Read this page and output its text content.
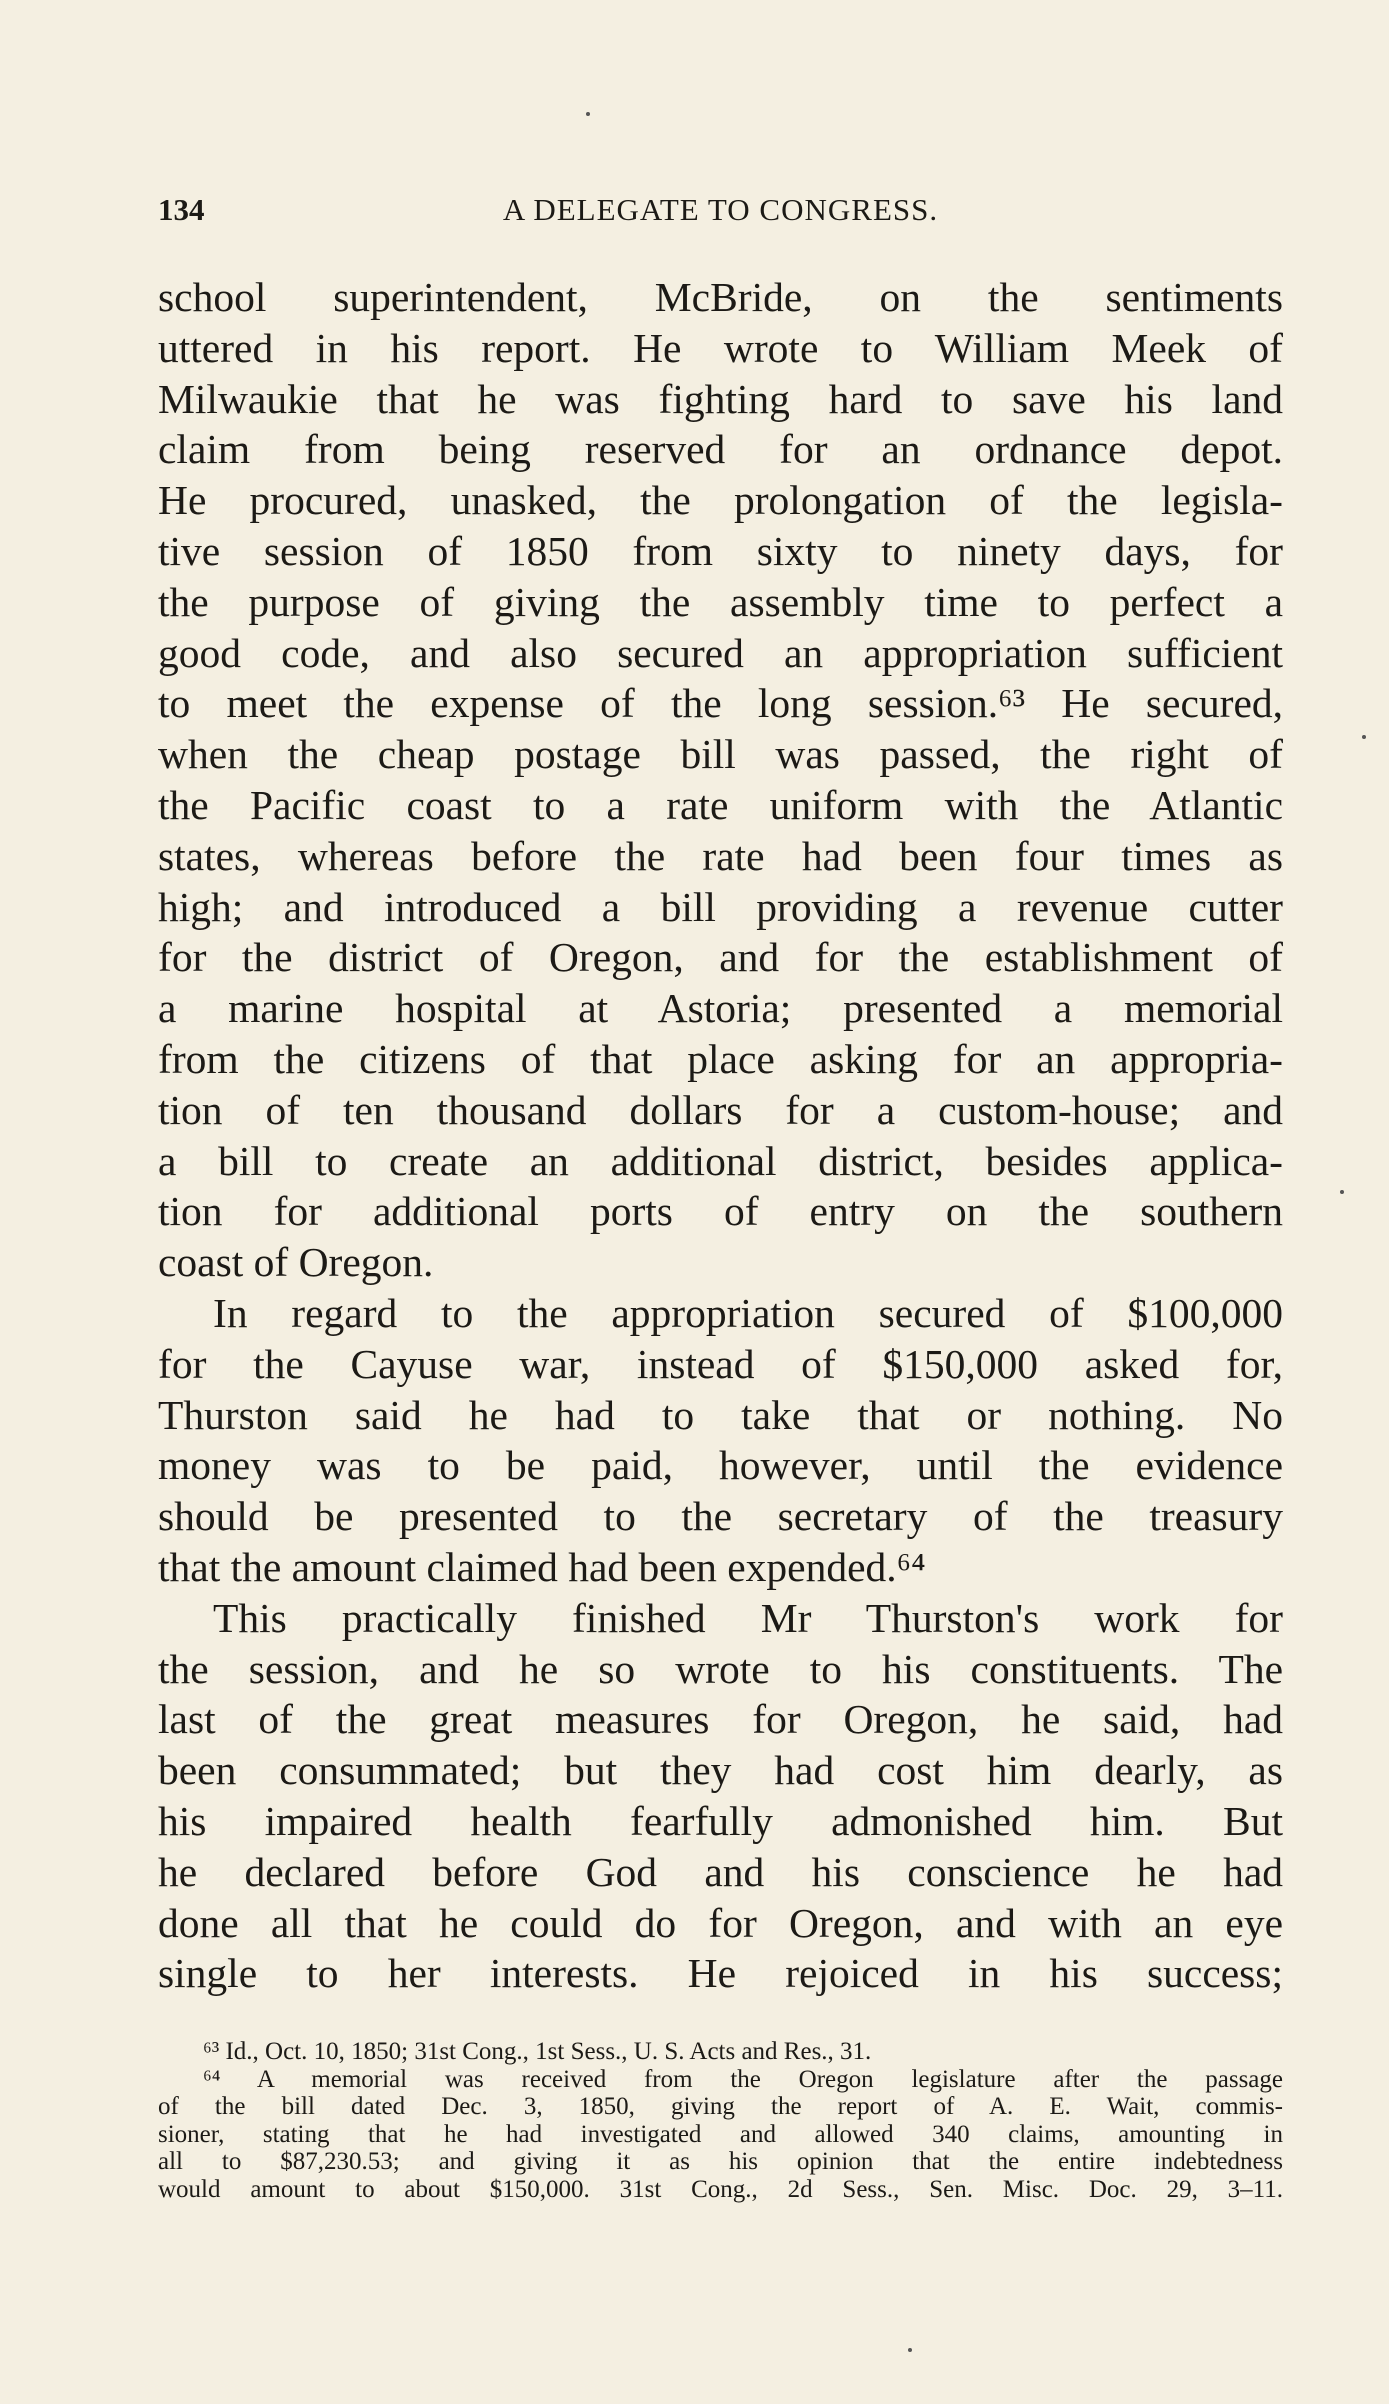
134	A DELEGATE TO CONGRESS.
school superintendent, McBride, on the sentiments
uttered in his report. He wrote to William Meek of
Milwaukie that he was fighting hard to save his land
claim from being reserved for an ordnance depot.
He procured, unasked, the prolongation of the legisla-
tive session of 1850 from sixty to ninety days, for
the purpose of giving the assembly time to perfect a
good code, and also secured an appropriation sufficient
to meet the expense of the long session.⁶³ He secured,
when the cheap postage bill was passed, the right of
the Pacific coast to a rate uniform with the Atlantic
states, whereas before the rate had been four times as
high; and introduced a bill providing a revenue cutter
for the district of Oregon, and for the establishment of
a marine hospital at Astoria; presented a memorial
from the citizens of that place asking for an appropria-
tion of ten thousand dollars for a custom-house; and
a bill to create an additional district, besides applica-
tion for additional ports of entry on the southern
coast of Oregon.
In regard to the appropriation secured of $100,000
for the Cayuse war, instead of $150,000 asked for,
Thurston said he had to take that or nothing. No
money was to be paid, however, until the evidence
should be presented to the secretary of the treasury
that the amount claimed had been expended.⁶⁴
This practically finished Mr Thurston's work for
the session, and he so wrote to his constituents. The
last of the great measures for Oregon, he said, had
been consummated; but they had cost him dearly, as
his impaired health fearfully admonished him. But
he declared before God and his conscience he had
done all that he could do for Oregon, and with an eye
single to her interests. He rejoiced in his success;
⁶³ Id., Oct. 10, 1850; 31st Cong., 1st Sess., U. S. Acts and Res., 31.
⁶⁴ A memorial was received from the Oregon legislature after the passage
of the bill dated Dec. 3, 1850, giving the report of A. E. Wait, commis-
sioner, stating that he had investigated and allowed 340 claims, amounting in
all to $87,230.53; and giving it as his opinion that the entire indebtedness
would amount to about $150,000. 31st Cong., 2d Sess., Sen. Misc. Doc. 29, 3–11.
